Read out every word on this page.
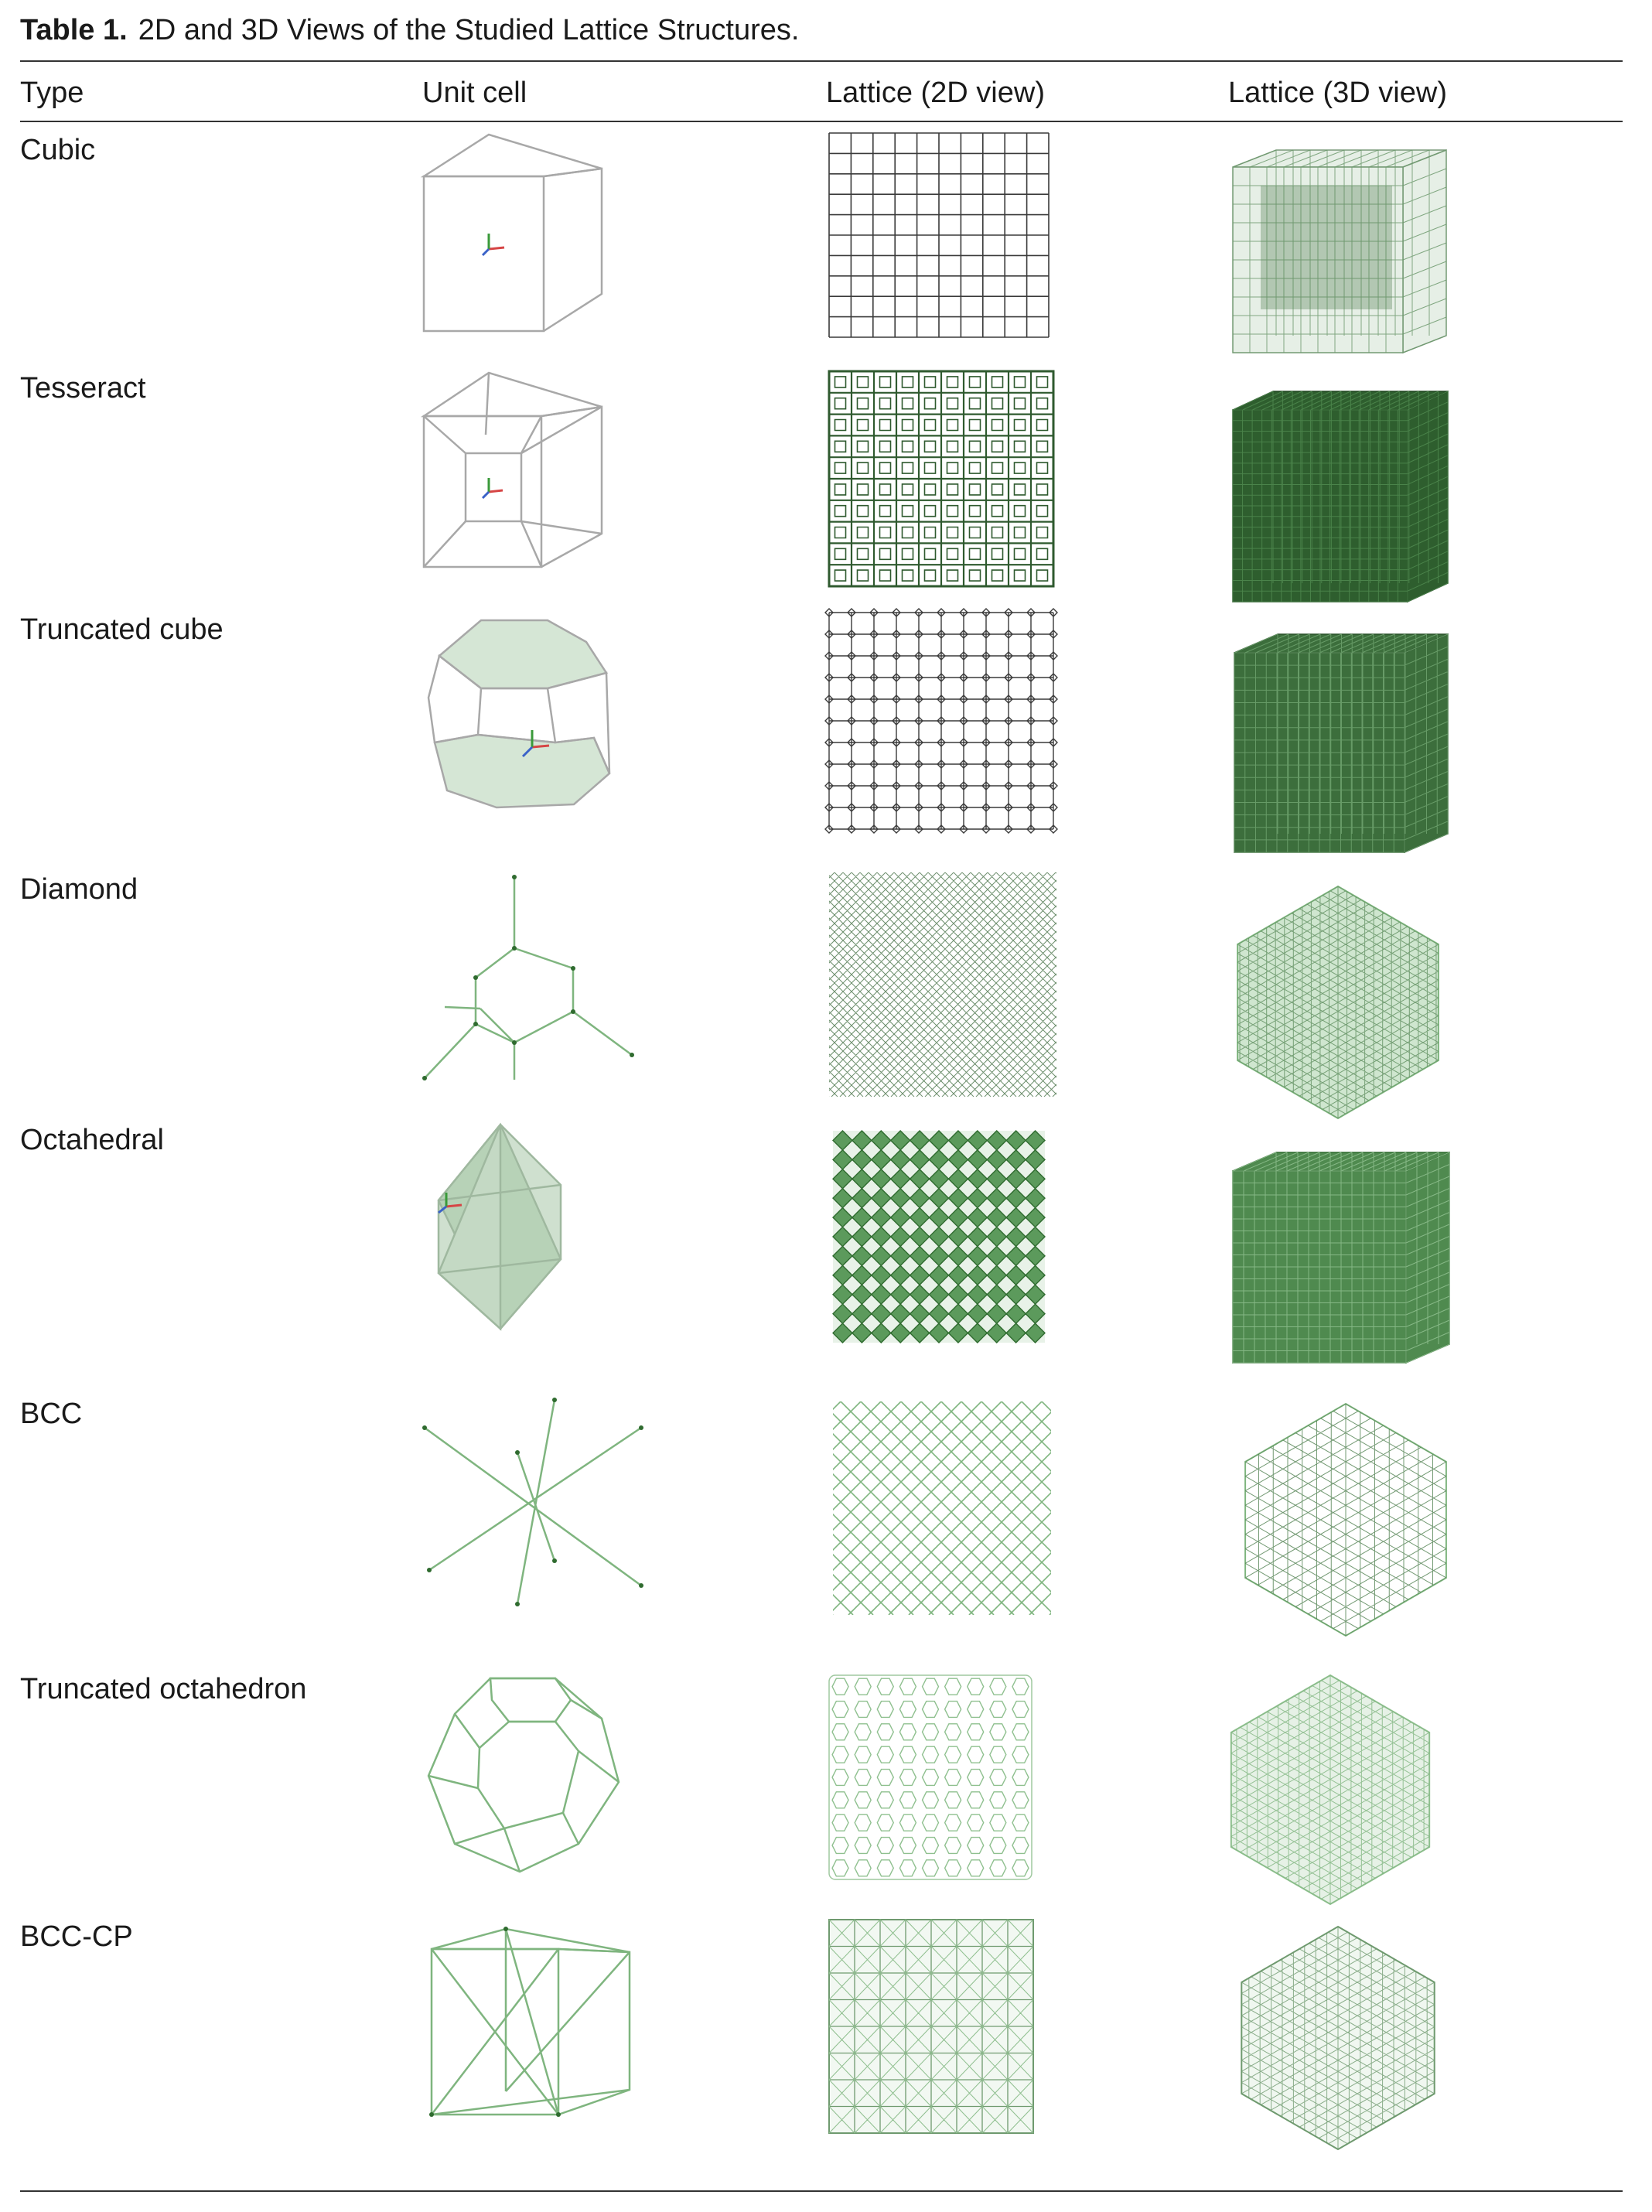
Table 1. 2D and 3D Views of the Studied Lattice Structures.
Type	Unit cell	Lattice (2D view)	Lattice (3D view)
Cubic
Tesseract
Truncated cube
Diamond
Octahedral
BCC
Truncated octahedron
BCC-CP
